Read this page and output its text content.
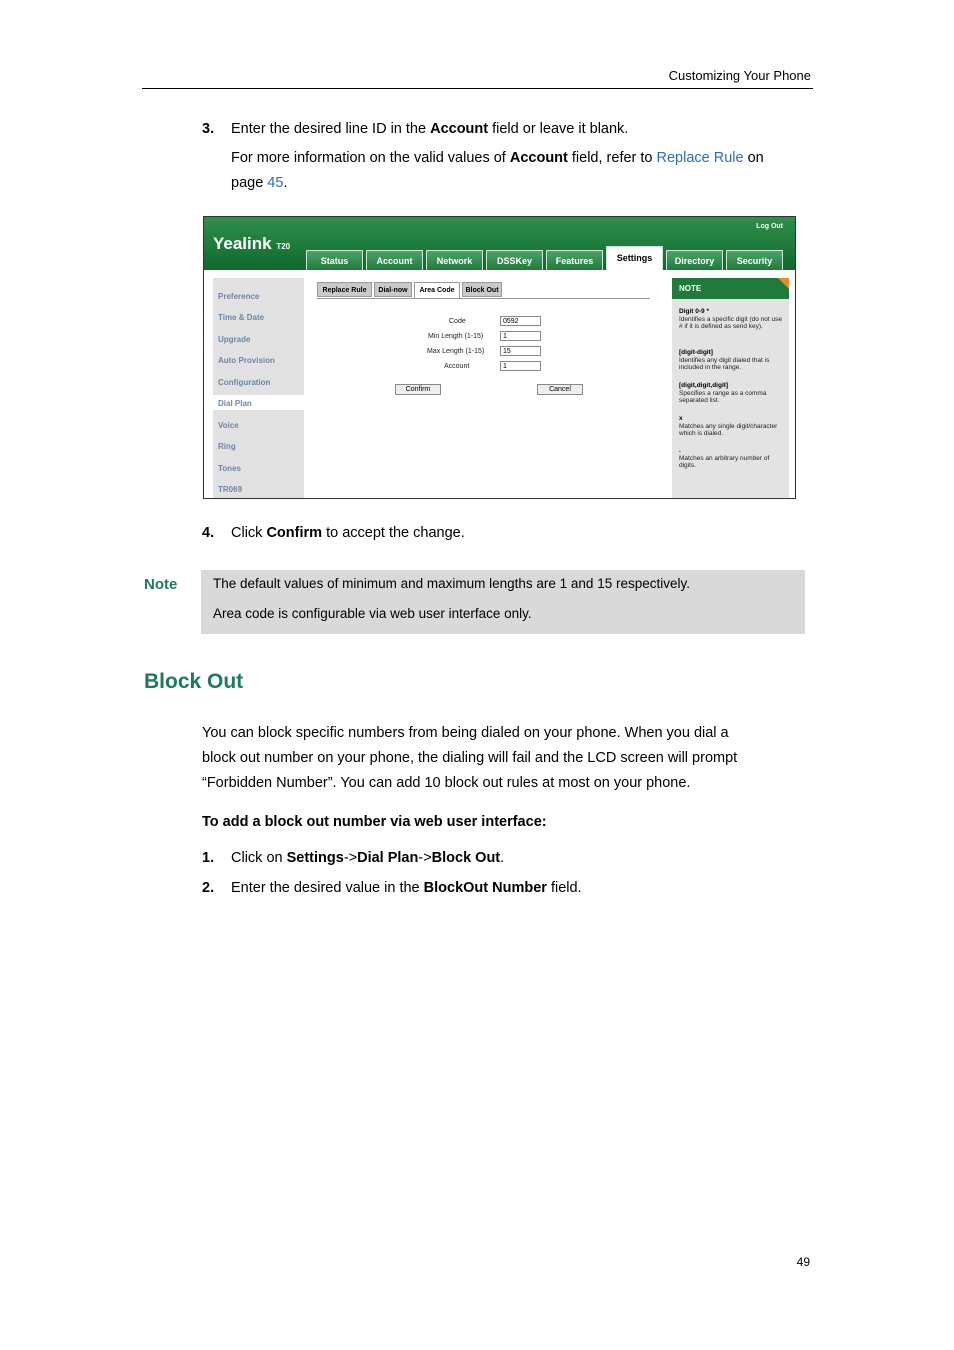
Customizing Your Phone
3. Enter the desired line ID in the Account field or leave it blank.
For more information on the valid values of Account field, refer to Replace Rule on
page 45.
Yealink T20
Log Out
Status	Account	Network	DSSKey	Features	Settings	Directory	Security
Preference
Time & Date
Upgrade
Auto Provision
Configuration
Dial Plan
Voice
Ring
Tones
TR069
Replace Rule	Dial-now	Area Code	Block Out
Code	0592
Min Length (1-15)	1
Max Length (1-15)	15
Account	1
Confirm	Cancel
NOTE
Digit 0-9 *
Identifies a specific digit (do not use # if it is defined as send key).
[digit-digit]
Identifies any digit dialed that is included in the range.
[digit,digit,digit]
Specifies a range as a comma separated list.
x
Matches any single digit/character which is dialed.
.
Matches an arbitrary number of digits.
4. Click Confirm to accept the change.
Note	The default values of minimum and maximum lengths are 1 and 15 respectively.
Area code is configurable via web user interface only.
Block Out
You can block specific numbers from being dialed on your phone. When you dial a
block out number on your phone, the dialing will fail and the LCD screen will prompt
“Forbidden Number”. You can add 10 block out rules at most on your phone.
To add a block out number via web user interface:
1. Click on Settings->Dial Plan->Block Out.
2. Enter the desired value in the BlockOut Number field.
49
